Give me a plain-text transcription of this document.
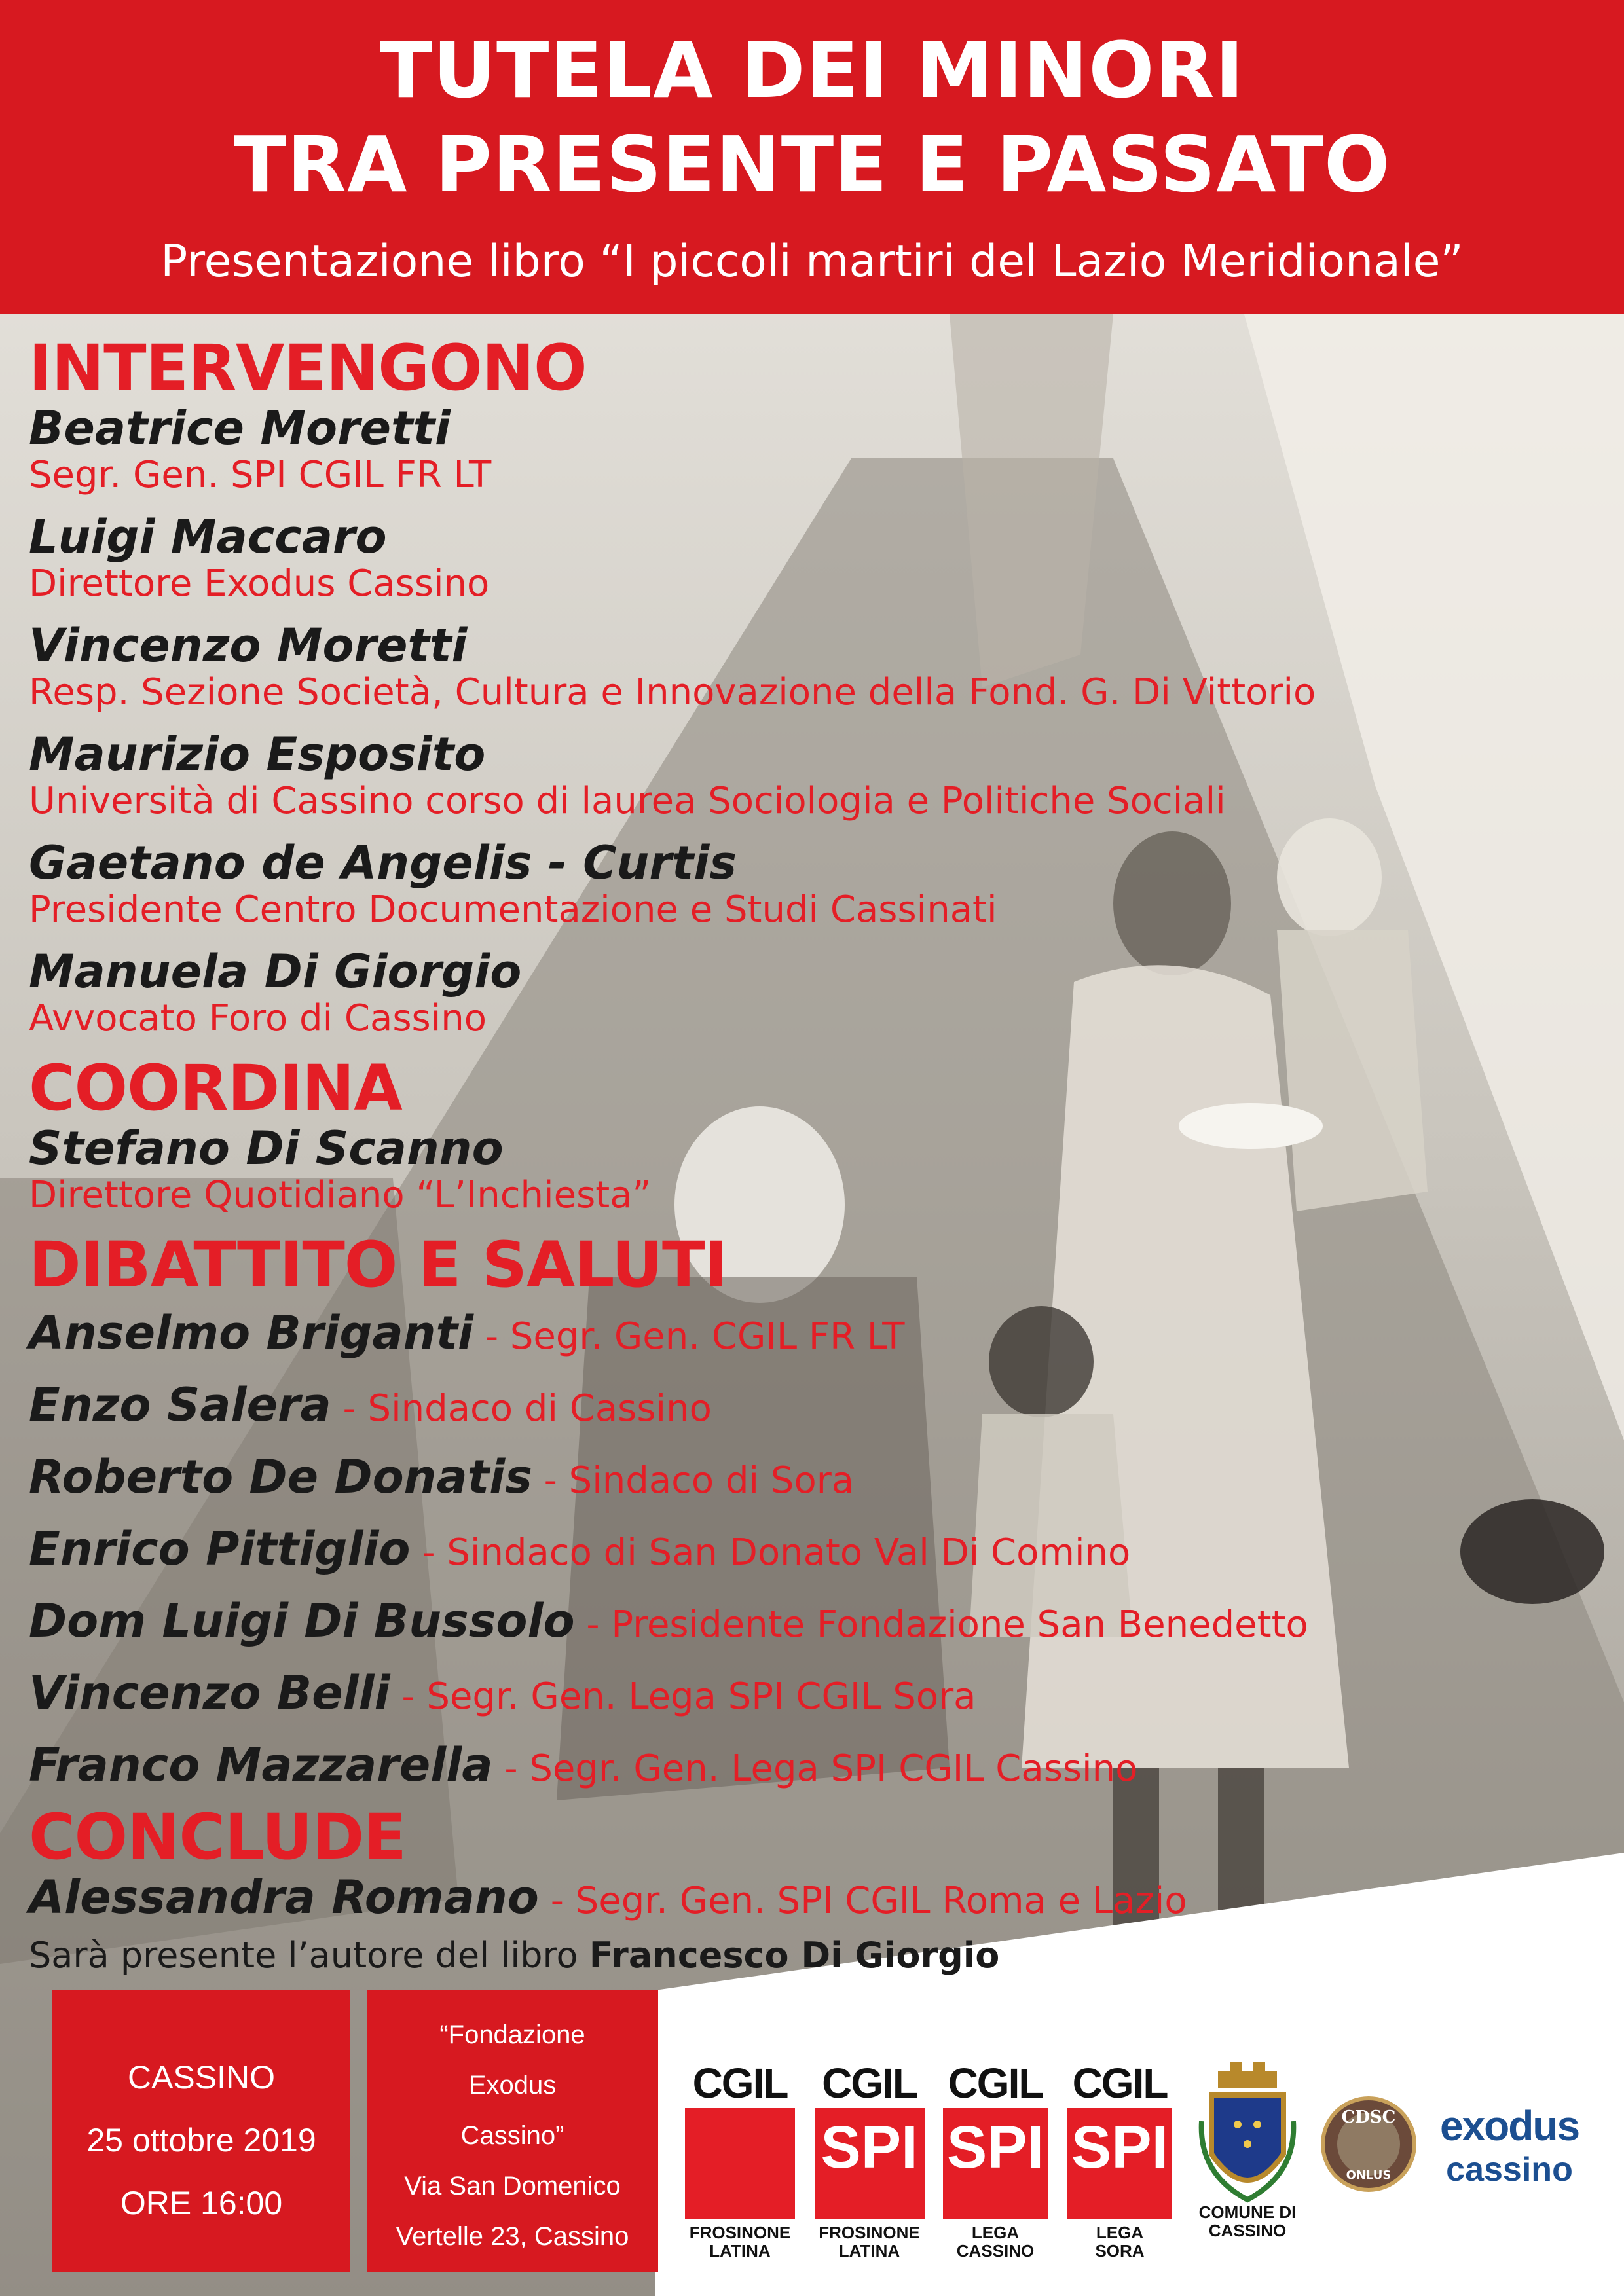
TUTELA DEI MINORI
TRA PRESENTE E PASSATO
Presentazione libro “I piccoli martiri del Lazio Meridionale”
INTERVENGONO
Beatrice Moretti
Segr. Gen. SPI CGIL FR LT
Luigi Maccaro
Direttore Exodus Cassino
Vincenzo Moretti
Resp. Sezione Società, Cultura e Innovazione della Fond. G. Di Vittorio
Maurizio Esposito
Università di Cassino corso di laurea Sociologia e Politiche Sociali
Gaetano de Angelis - Curtis
Presidente Centro Documentazione e Studi Cassinati
Manuela Di Giorgio
Avvocato Foro di Cassino
COORDINA
Stefano Di Scanno
Direttore Quotidiano “L’Inchiesta”
DIBATTITO E SALUTI
Anselmo Briganti - Segr. Gen. CGIL FR LT
Enzo Salera - Sindaco di Cassino
Roberto De Donatis - Sindaco di Sora
Enrico Pittiglio - Sindaco di San Donato Val Di Comino
Dom Luigi Di Bussolo - Presidente Fondazione San Benedetto
Vincenzo Belli - Segr. Gen. Lega SPI CGIL Sora
Franco Mazzarella - Segr. Gen. Lega SPI CGIL Cassino
CONCLUDE
Alessandra Romano - Segr. Gen. SPI CGIL Roma e Lazio
Sarà presente l’autore del libro Francesco Di Giorgio
CASSINO
25 ottobre 2019
ORE 16:00
“Fondazione
Exodus
Cassino”
Via San Domenico
Vertelle 23, Cassino
CGIL
FROSINONE
LATINA
CGIL
SPI
FROSINONE
LATINA
CGIL
SPI
LEGA
CASSINO
CGIL
SPI
LEGA
SORA
COMUNE DI
CASSINO
CDSC
ONLUS
exodus
cassino
